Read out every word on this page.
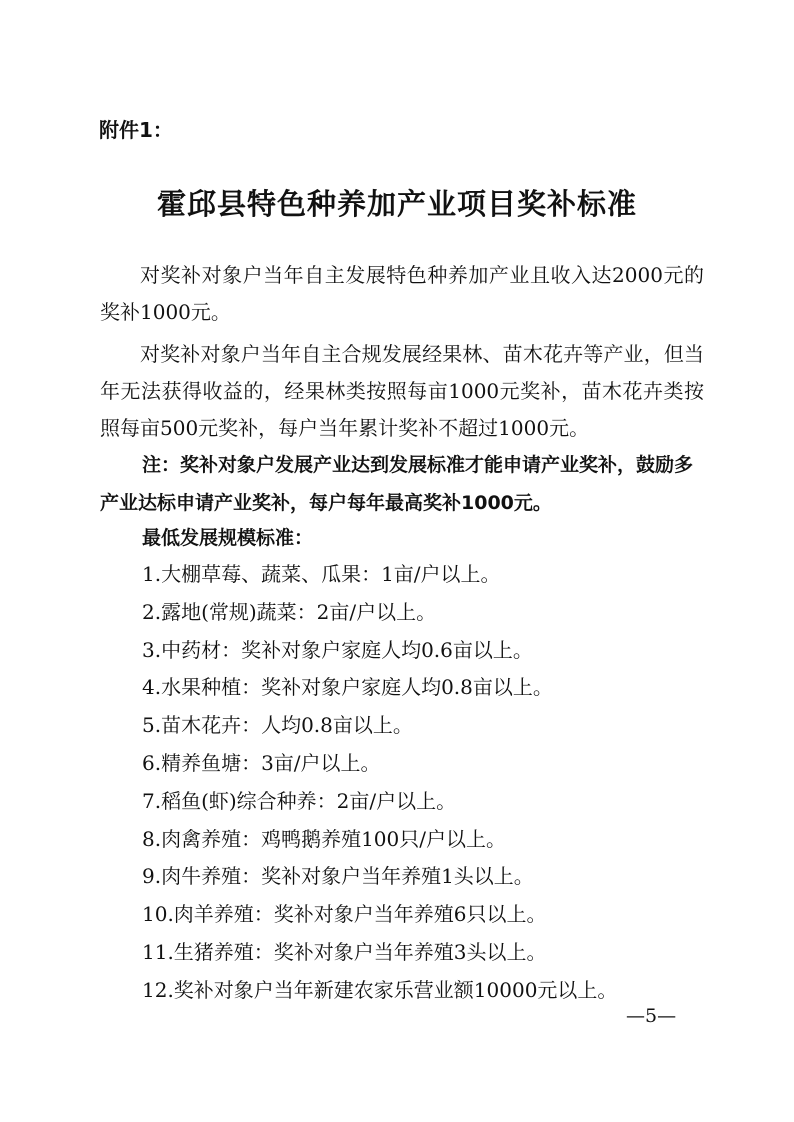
附件1：
霍邱县特色种养加产业项目奖补标准

对奖补对象户当年自主发展特色种养加产业且收入达2000元的奖补1000元。

对奖补对象户当年自主合规发展经果林、苗木花卉等产业，但当年无法获得收益的，经果林类按照每亩1000元奖补，苗木花卉类按照每亩500元奖补，每户当年累计奖补不超过1000元。

注：奖补对象户发展产业达到发展标准才能申请产业奖补，鼓励多产业达标申请产业奖补，每户每年最高奖补1000元。

最低发展规模标准：
1.大棚草莓、蔬菜、瓜果：1亩/户以上。
2.露地(常规)蔬菜：2亩/户以上。
3.中药材：奖补对象户家庭人均0.6亩以上。
4.水果种植：奖补对象户家庭人均0.8亩以上。
5.苗木花卉：人均0.8亩以上。
6.精养鱼塘：3亩/户以上。
7.稻鱼(虾)综合种养：2亩/户以上。
8.肉禽养殖：鸡鸭鹅养殖100只/户以上。
9.肉牛养殖：奖补对象户当年养殖1头以上。
10.肉羊养殖：奖补对象户当年养殖6只以上。
11.生猪养殖：奖补对象户当年养殖3头以上。
12.奖补对象户当年新建农家乐营业额10000元以上。
—5—
